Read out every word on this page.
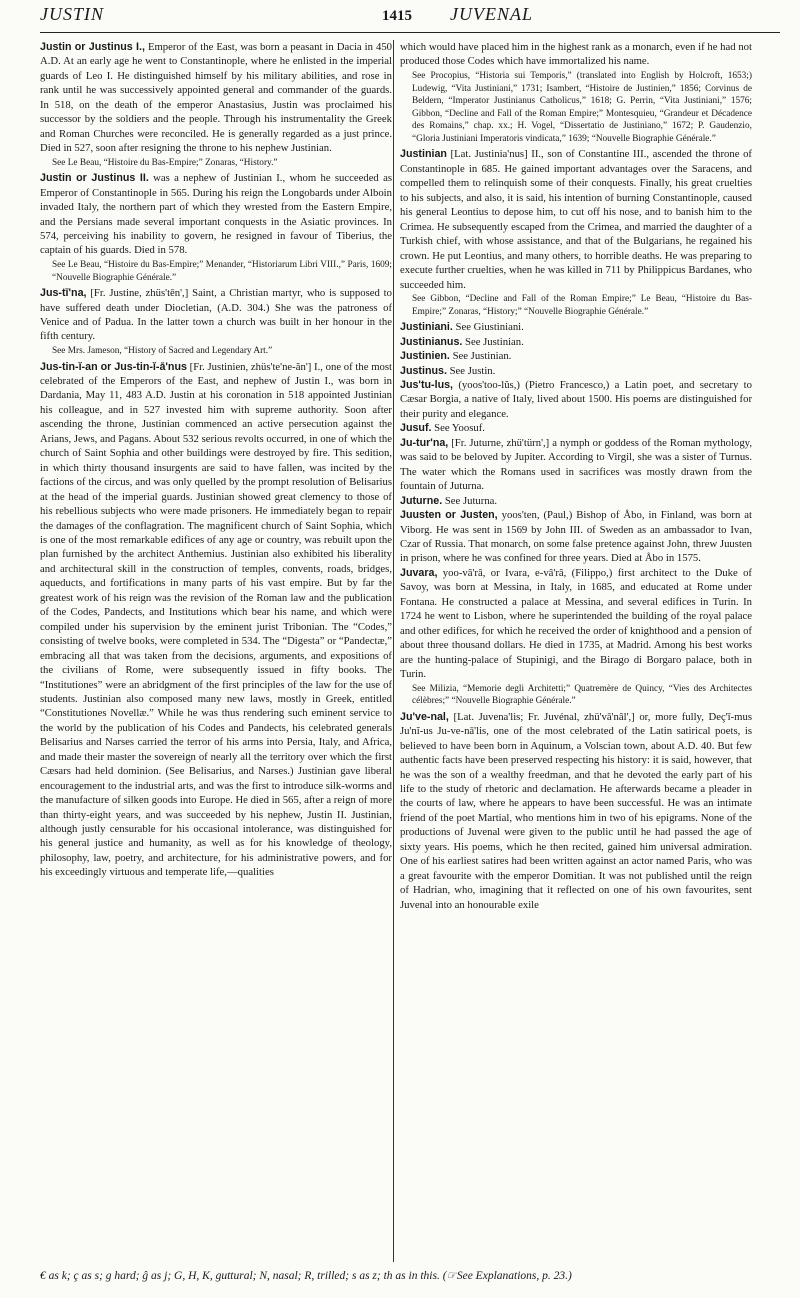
JUSTIN	1415 JUVENAL

Justin or Justinus I., Emperor of the East, was born a peasant in Dacia in 450 A.D. At an early age he went to Constantinople, where he enlisted in the imperial guards of Leo I. He distinguished himself by his military abilities, and rose in rank until he was successively appointed general and commander of the guards. In 518, on the death of the emperor Anastasius, Justin was proclaimed his successor by the soldiers and the people. Through his instrumentality the Greek and Roman Churches were reconciled. He is generally regarded as a just prince. Died in 527, soon after resigning the throne to his nephew Justinian.

See Le Beau, “Histoire du Bas-Empire;” Zonaras, “History.”

Justin or Justinus II. was a nephew of Justinian I., whom he succeeded as Emperor of Constantinople in 565. During his reign the Longobards under Alboin invaded Italy, the northern part of which they wrested from the Eastern Empire, and the Persians made several important conquests in the Asiatic provinces. In 574, perceiving his inability to govern, he resigned in favour of Tiberius, the captain of his guards. Died in 578.

See Le Beau, “Histoire du Bas-Empire;” Menander, “Historiarum Libri VIII.,” Paris, 1609; “Nouvelle Biographie Générale.”

Jus-tī'na, [Fr. Justine, zhüs'tēn',] Saint, a Christian martyr, who is supposed to have suffered death under Diocletian, (A.D. 304.) She was the patroness of Venice and of Padua. In the latter town a church was built in her honour in the fifth century.

See Mrs. Jameson, “History of Sacred and Legendary Art.”

Jus-tin-ĭ-an or Jus-tin-ĭ-ā'nus [Fr. Justinien, zhüs'te'ne-ăn'] I., one of the most celebrated of the Emperors of the East, and nephew of Justin I., was born in Dardania, May 11, 483 A.D. Justin at his coronation in 518 appointed Justinian his colleague, and in 527 invested him with supreme authority. Soon after ascending the throne, Justinian commenced an active persecution against the Arians, Jews, and Pagans. About 532 serious revolts occurred, in one of which the church of Saint Sophia and other buildings were destroyed by fire. This sedition, in which thirty thousand insurgents are said to have fallen, was incited by the factions of the circus, and was only quelled by the prompt resolution of Belisarius at the head of the imperial guards. Justinian showed great clemency to those of his rebellious subjects who were made prisoners. He immediately began to repair the damages of the conflagration. The magnificent church of Saint Sophia, which is one of the most remarkable edifices of any age or country, was rebuilt upon the plan furnished by the architect Anthemius. Justinian also exhibited his liberality and architectural skill in the construction of temples, convents, roads, bridges, aqueducts, and fortifications in many parts of his vast empire. But by far the greatest work of his reign was the revision of the Roman law and the publication of the Codes, Pandects, and Institutions which bear his name, and which were compiled under his supervision by the eminent jurist Tribonian. The “Codes,” consisting of twelve books, were completed in 534. The “Digesta” or “Pandectæ,” embracing all that was taken from the decisions, arguments, and expositions of the civilians of Rome, were subsequently issued in fifty books. The “Institutiones” were an abridgment of the first principles of the law for the use of students. Justinian also composed many new laws, mostly in Greek, entitled “Constitutiones Novellæ.” While he was thus rendering such eminent service to the world by the publication of his Codes and Pandects, his celebrated generals Belisarius and Narses carried the terror of his arms into Persia, Italy, and Africa, and made their master the sovereign of nearly all the territory over which the first Cæsars had held dominion. (See Belisarius, and Narses.) Justinian gave liberal encouragement to the industrial arts, and was the first to introduce silk-worms and the manufacture of silken goods into Europe. He died in 565, after a reign of more than thirty-eight years, and was succeeded by his nephew, Justin II. Justinian, although justly censurable for his occasional intolerance, was distinguished for his general justice and humanity, as well as for his knowledge of theology, philosophy, law, poetry, and architecture, for his administrative powers, and for his exceedingly virtuous and temperate life,—qualities

which would have placed him in the highest rank as a monarch, even if he had not produced those Codes which have immortalized his name.

See Procopius, “Historia sui Temporis,” (translated into English by Holcroft, 1653;) Ludewig, “Vita Justiniani,” 1731; Isambert, “Histoire de Justinien,” 1856; Corvinus de Beldern, “Imperator Justinianus Catholicus,” 1618; G. Perrin, “Vita Justiniani,” 1576; Gibbon, “Decline and Fall of the Roman Empire;” Montesquieu, “Grandeur et Décadence des Romains,” chap. xx.; H. Vogel, “Dissertatio de Justiniano,” 1672; P. Gaudenzio, “Gloria Justiniani Imperatoris vindicata,” 1639; “Nouvelle Biographie Générale.”

Justinian [Lat. Justinia'nus] II., son of Constantine III., ascended the throne of Constantinople in 685. He gained important advantages over the Saracens, and compelled them to relinquish some of their conquests. Finally, his great cruelties to his subjects, and also, it is said, his intention of burning Constantinople, caused his general Leontius to depose him, to cut off his nose, and to banish him to the Crimea. He subsequently escaped from the Crimea, and married the daughter of a Turkish chief, with whose assistance, and that of the Bulgarians, he regained his crown. He put Leontius, and many others, to horrible deaths. He was preparing to execute further cruelties, when he was killed in 711 by Philippicus Bardanes, who succeeded him.

See Gibbon, “Decline and Fall of the Roman Empire;” Le Beau, “Histoire du Bas-Empire;” Zonaras, “History;” “Nouvelle Biographie Générale.”

Justiniani. See Giustiniani.

Justinianus. See Justinian.

Justinien. See Justinian.

Justinus. See Justin.

Jus'tu-lus, (yoos'too-lŭs,) (Pietro Francesco,) a Latin poet, and secretary to Cæsar Borgia, a native of Italy, lived about 1500. His poems are distinguished for their purity and elegance.

Jusuf. See Yoosuf.

Ju-tur'na, [Fr. Juturne, zhü'türn',] a nymph or goddess of the Roman mythology, was said to be beloved by Jupiter. According to Virgil, she was a sister of Turnus. The water which the Romans used in sacrifices was mostly drawn from the fountain of Juturna.

Juturne. See Juturna.

Juusten or Justen, yoos'ten, (Paul,) Bishop of Åbo, in Finland, was born at Viborg. He was sent in 1569 by John III. of Sweden as an ambassador to Ivan, Czar of Russia. That monarch, on some false pretence against John, threw Juusten in prison, where he was confined for three years. Died at Åbo in 1575.

Juvara, yoo-vâ'râ, or Ivara, e-vâ'râ, (Filippo,) first architect to the Duke of Savoy, was born at Messina, in Italy, in 1685, and educated at Rome under Fontana. He constructed a palace at Messina, and several edifices in Turin. In 1724 he went to Lisbon, where he superintended the building of the royal palace and other edifices, for which he received the order of knighthood and a pension of about three thousand dollars. He died in 1735, at Madrid. Among his best works are the hunting-palace of Stupinigi, and the Birago di Borgaro palace, both in Turin.

See Milizia, “Memorie degli Architetti;” Quatremère de Quincy, “Vies des Architectes célèbres;” “Nouvelle Biographie Générale.”

Ju've-nal, [Lat. Juvena'lis; Fr. Juvénal, zhü'vā'nâl',] or, more fully, Deç'ī-mus Ju'nĭ-us Ju-ve-nā'lis, one of the most celebrated of the Latin satirical poets, is believed to have been born in Aquinum, a Volscian town, about A.D. 40. But few authentic facts have been preserved respecting his history: it is said, however, that he was the son of a wealthy freedman, and that he devoted the early part of his life to the study of rhetoric and declamation. He afterwards became a pleader in the courts of law, where he appears to have been successful. He was an intimate friend of the poet Martial, who mentions him in two of his epigrams. None of the productions of Juvenal were given to the public until he had passed the age of sixty years. His poems, which he then recited, gained him universal admiration. One of his earliest satires had been written against an actor named Paris, who was a great favourite with the emperor Domitian. It was not published until the reign of Hadrian, who, imagining that it reflected on one of his own favourites, sent Juvenal into an honourable exile

€ as k; ç as s; g hard; ĝ as j; G, H, K, guttural; N, nasal; R, trilled; s as z; th as in this. (☞See Explanations, p. 23.)
